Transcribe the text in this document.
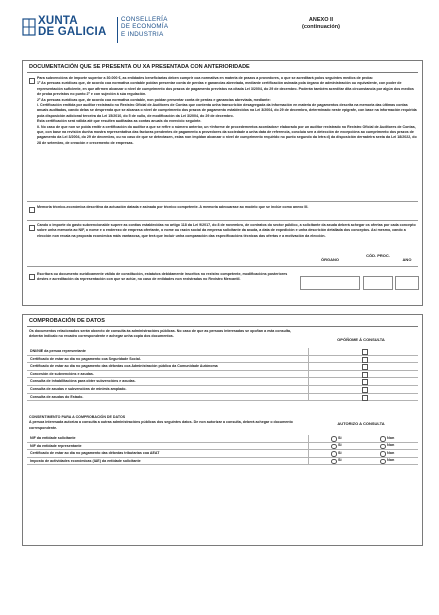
XUNTA
DE GALICIA
CONSELLERÍA
DE ECONOMÍA
E INDUSTRIA
ANEXO II
(continuación)
DOCUMENTACIÓN QUE SE PRESENTA OU XA PRESENTADA CON ANTERIORIDADE
Para subvencións de importe superior a 30.000 €, as entidades beneficiarias deben cumprir coa normativa en materia de prazos a provedores, o que se acreditará polos seguintes medios de proba:
1º As persoas xurídicas que, de acordo coa normativa contable poidan presentar conta de perdas e ganancias abreviada, mediante certificación asinada pola órgano de administración ou equivalente, con poder de representación suficiente, en que afirmen alcanzar o nivel de cumprimento dos prazos de pagamento previstos na citada Lei 3/2004, do 29 de decembro. Poderán também acreditar dita circunstancia por algún dos medios de proba previstos no punto 2º e con sujeción á súa regulación.
2º As persoas xurídicas que, de acordo coa normativa contable, non poidan presentar conta de perdas e ganancias abreviada, mediante:
i. Certificación emitida por auditor rexistrado no Rexistro Oficial de Auditores de Contas que contenta unha transcrición desagregada da información en materia de pagamentos descrita na memoria das últimas contas anuais auditadas, cando delas se desprenda que se alcanza o nivel de cumprimento dos prazos de pagamento establecidos na Lei 3/2004, do 29 de decembro, determinado neste epígrafe, con base na información requirida pola disposición adicional terceira da Lei 15/2010, do 5 de xullo, de modificación da Lei 3/2004, do 29 de decembro.
Esta certificación será válida até que resulten auditadas as contas anuais do exercicio seguinte.
ii. No caso de que non se poida emitir a certificación do auditor a que se refire o número anterior, un «Informe de procedementos acordados» elaborado por un auditor rexistrado no Rexistro Oficial de Auditores de Contas, que, con base na revisión dunha mostra representativa das facturas pendentes de pagamento a provedores da sociedade a unha data de referencia, concluía sen a detección de excepcións ao cumprimento dos prazos de pagamento da Lei 3/2004, do 29 de decembro, ou no caso de que se detectasen, estas non impidan alcanzar o nivel de cumprimento requirido no punto segundo da letra d) da disposición derradeira sexta da Lei 18/2022, do 28 de setembro, de creación e crecemento de empresas.
Memoria técnico-económica descritiva da actuación datada e asinada por técnico competente. A memoria adecuarase ao modelo que se inclúe como anexo III.
Cando o importe do gasto subvencionable supere as contías establecidas no artigo 118 da Lei 9/2017, do 8 de novembro, de contratos do sector público, a solicitante da axuda deberá achegar os ofertas por cada concepto sobre unha memoria ao NIF, o nome e o enderezo de empresa ofertante, o nome ou razón social da empresa solicitante da axuda, a data de expedición e unha descrición detallada dos conceptos. Así mesmo, cando a elección non recaia na proposta económica máis vantaxosa, que terá que incluír unha comparación das especificacións técnicas das ofertas e a motivación da elección.
ÓRGANO
CÓD. PROC.
ANO
Escritura ou documento xurídicamente válido de constitución, estatutos debidamente inscritos no rexistro competente, modificacións posteriores destes e acreditación da representación con que se actúe, no caso de entidades non rexistradas no Rexistro Mercantil.
COMPROBACIÓN DE DATOS
Os documentos relacionados serán obxecto de consulta ás administracións públicas. No caso de que as persoas interesadas se opoñan a esta consulta, deberán indicalo no recadro correspondente e achegar unha copia dos documentos.
OPÓÑOME Á CONSULTA
CONSENTIMENTO PARA A COMPROBACIÓN DE DATOS
A persoa interesada autoriza a consulta a outras administracións públicas dos seguintes datos. De non autorizar a consulta, deberá achegar o documento correspondente.
AUTORIZO A CONSULTA
DNI/NIE da persoa representante
Certificado de estar ao día no pagamento coa Seguridade Social.
Certificado de estar ao día no pagamento das débedas coa Administración pública da Comunidade Autónoma
Concesión de subvencións e axudas.
Consulta de inhabilitacións para obter subvencións e axudas.
Consulta de axudas e subvencións de minimis amplado.
Consulta de axudas do Estado.
NIF da entidade solicitante	Si	Non
NIF da entidade representante	Si	Non
Certificado de estar ao día no pagamento das débedas tributarias coa AEAT	Si	Non
Imposto de actividades económicas (IAE) da entidade solicitante	Si	Non
